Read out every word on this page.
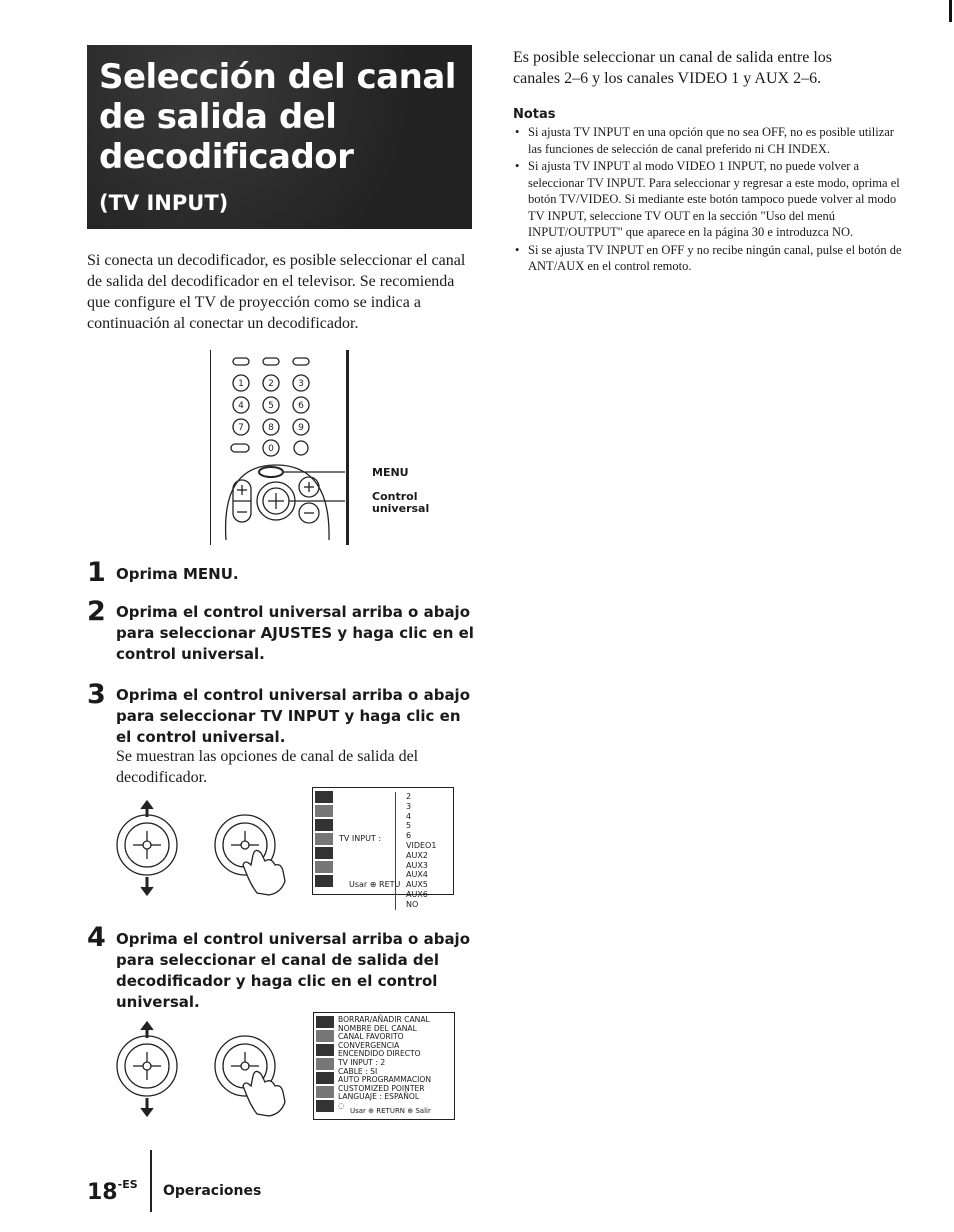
Selección del canal de salida del decodificador
(TV INPUT)
Si conecta un decodificador, es posible seleccionar el canal de salida del decodificador en el televisor. Se recomienda que configure el TV de proyección como se indica a continuación al conectar un decodificador.
Es posible seleccionar un canal de salida entre los canales 2–6 y los canales VIDEO 1 y AUX 2–6.
Notas
• Si ajusta TV INPUT en una opción que no sea OFF, no es posible utilizar las funciones de selección de canal preferido ni CH INDEX.
• Si ajusta TV INPUT al modo VIDEO 1 INPUT, no puede volver a seleccionar TV INPUT. Para seleccionar y regresar a este modo, oprima el botón TV/VIDEO. Si mediante este botón tampoco puede volver al modo TV INPUT, seleccione TV OUT en la sección "Uso del menú INPUT/OUTPUT" que aparece en la página 30 e introduzca NO.
• Si se ajusta TV INPUT en OFF y no recibe ningún canal, pulse el botón de ANT/AUX en el control remoto.
1	2	3
4	5	6
7	8	9
0
MENU
Control universal
1 Oprima MENU.
2 Oprima el control universal arriba o abajo para seleccionar AJUSTES y haga clic en el control universal.
3 Oprima el control universal arriba o abajo para seleccionar TV INPUT y haga clic en el control universal.
Se muestran las opciones de canal de salida del decodificador.
TV INPUT :
2
3
4
5
6
VIDEO1
AUX2
AUX3
AUX4
AUX5
AUX6
NO
Usar ⊕ RETU
4 Oprima el control universal arriba o abajo para seleccionar el canal de salida del decodificador y haga clic en el control universal.
BORRAR/AÑADIR CANAL
NOMBRE DEL CANAL
CANAL FAVORITO
CONVERGENCIA
ENCENDIDO DIRECTO
TV INPUT : 2
CABLE : SI
AUTO PROGRAMMACION
CUSTOMIZED POINTER
LANGUAJE : ESPAÑOL
◌
Usar ⊕ RETURN ⊕ Salir
$18^{-ES}$ Operaciones
